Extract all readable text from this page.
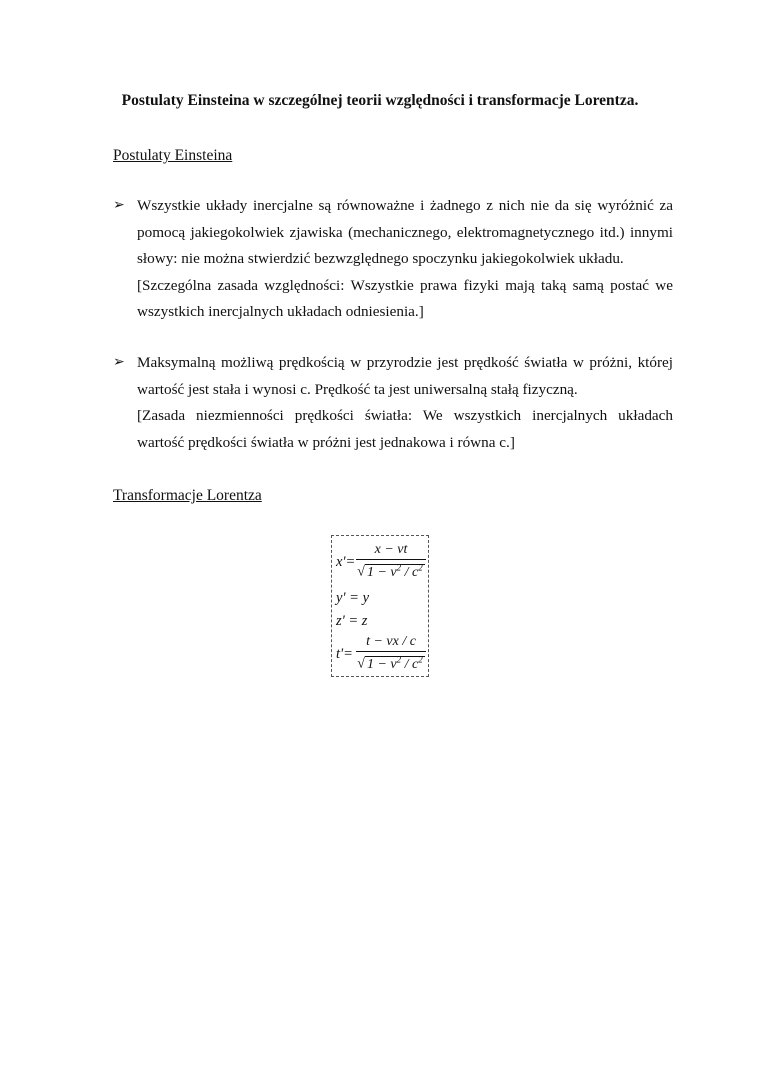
Postulaty Einsteina w szczególnej teorii względności i transformacje Lorentza.
Postulaty Einsteina
➢ Wszystkie układy inercjalne są równoważne i żadnego z nich nie da się wyróżnić za pomocą jakiegokolwiek zjawiska (mechanicznego, elektromagnetycznego itd.) innymi słowy: nie można stwierdzić bezwzględnego spoczynku jakiegokolwiek układu.
[Szczególna zasada względności: Wszystkie prawa fizyki mają taką samą postać we wszystkich inercjalnych układach odniesienia.]
➢ Maksymalną możliwą prędkością w przyrodzie jest prędkość światła w próżni, której wartość jest stała i wynosi c. Prędkość ta jest uniwersalną stałą fizyczną.
[Zasada niezmienności prędkości światła: We wszystkich inercjalnych układach wartość prędkości światła w próżni jest jednakowa i równa c.]
Transformacje Lorentza
$x'= \frac{x - vt}{√ 1 - v^2 / c^2}$
y' = y
z' = z
$t'= \frac{t - vx / c}{√ 1 - v^2 / c^2}$
